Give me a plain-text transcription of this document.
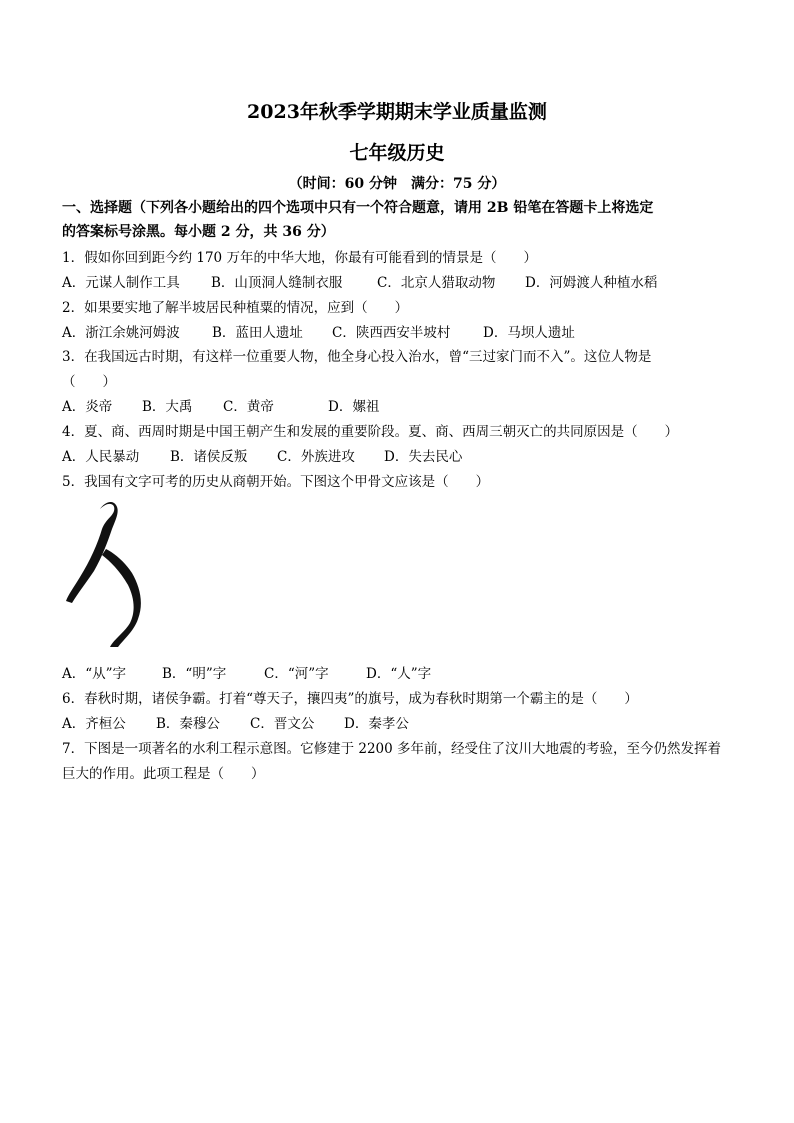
2023年秋季学期期末学业质量监测
七年级历史
（时间：60 分钟　满分：75 分）
一、选择题（下列各小题给出的四个选项中只有一个符合题意，请用 2B 铅笔在答题卡上将选定
的答案标号涂黑。每小题 2 分，共 36 分）
1．假如你回到距今约 170 万年的中华大地，你最有可能看到的情景是（　　）
A．元谋人制作工具 B．山顶洞人缝制衣服	C．北京人猎取动物 D．河姆渡人种植水稻
2．如果要实地了解半坡居民种植粟的情况，应到（　　）
A．浙江余姚河姆波 B．蓝田人遗址 C．陕西西安半坡村 D．马坝人遗址
3．在我国远古时期，有这样一位重要人物，他全身心投入治水，曾“三过家门而不入”。这位人物是
（　　）
A．炎帝 B．大禹 C．黄帝	D．嫘祖
4．夏、商、西周时期是中国王朝产生和发展的重要阶段。夏、商、西周三朝灭亡的共同原因是（　　）
A．人民暴动 B．诸侯反叛 C．外族进攻 D．失去民心
5．我国有文字可考的历史从商朝开始。下图这个甲骨文应该是（　　）
A．“从”字	B．“明”字	C．“河”字	D．“人”字
6．春秋时期，诸侯争霸。打着“尊天子，攘四夷”的旗号，成为春秋时期第一个霸主的是（　　）
A．齐桓公 B．秦穆公 C．晋文公 D．秦孝公
7．下图是一项著名的水利工程示意图。它修建于 2200 多年前，经受住了汶川大地震的考验，至今仍然发挥着
巨大的作用。此项工程是（　　）
